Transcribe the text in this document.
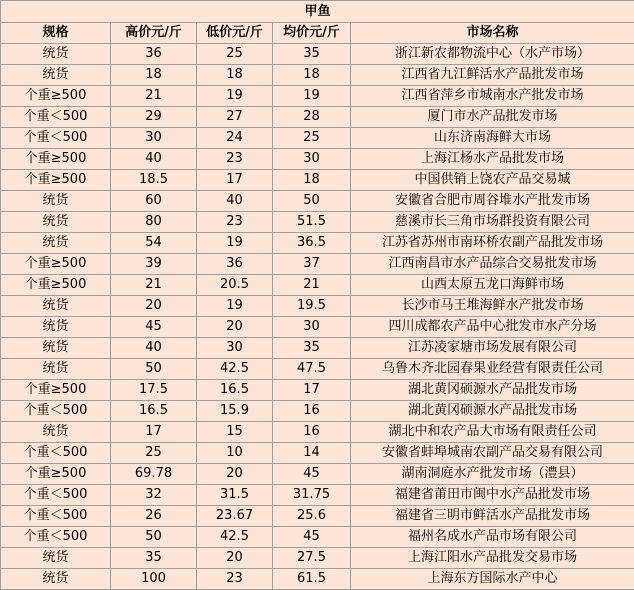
甲鱼				
规格	高价元/斤	低价元/斤	均价元/斤	市场名称
统货	36	25	35	浙江新农都物流中心（水产市场）
统货	18	18	18	江西省九江鲜活水产品批发市场
个重≥500	21	19	19	江西省萍乡市城南水产批发市场
个重＜500	29	27	28	厦门市水产品批发市场
个重＜500	30	24	25	山东济南海鲜大市场
个重≥500	40	23	30	上海江杨水产品批发市场
个重≥500	18.5	17	18	中国供销上饶农产品交易城
统货	60	40	50	安徽省合肥市周谷堆水产批发市场
统货	80	23	51.5	慈溪市长三角市场群投资有限公司
统货	54	19	36.5	江苏省苏州市南环桥农副产品批发市场
个重≥500	39	36	37	江西南昌市水产品综合交易批发市场
个重≥500	21	20.5	21	山西太原五龙口海鲜市场
统货	20	19	19.5	长沙市马王堆海鲜水产批发市场
统货	45	20	30	四川成都农产品中心批发市水产分场
统货	40	30	35	江苏凌家塘市场发展有限公司
统货	50	42.5	47.5	乌鲁木齐北园春果业经营有限责任公司
个重≥500	17.5	16.5	17	湖北黄冈硕源水产品批发市场
个重＜500	16.5	15.9	16	湖北黄冈硕源水产品批发市场
统货	17	15	16	湖北中和农产品大市场有限责任公司
个重＜500	25	10	14	安徽省蚌埠城南农副产品交易有限公司
个重≥500	69.78	20	45	湖南洞庭水产批发市场（澧县）
个重＜500	32	31.5	31.75	福建省莆田市闽中水产品批发市场
个重＜500	26	23.67	25.6	福建省三明市鲜活水产品批发市场
个重＜500	50	42.5	45	福州名成水产品市场有限公司
统货	35	20	27.5	上海江阳水产品批发交易市场
统货	100	23	61.5	上海东方国际水产中心
